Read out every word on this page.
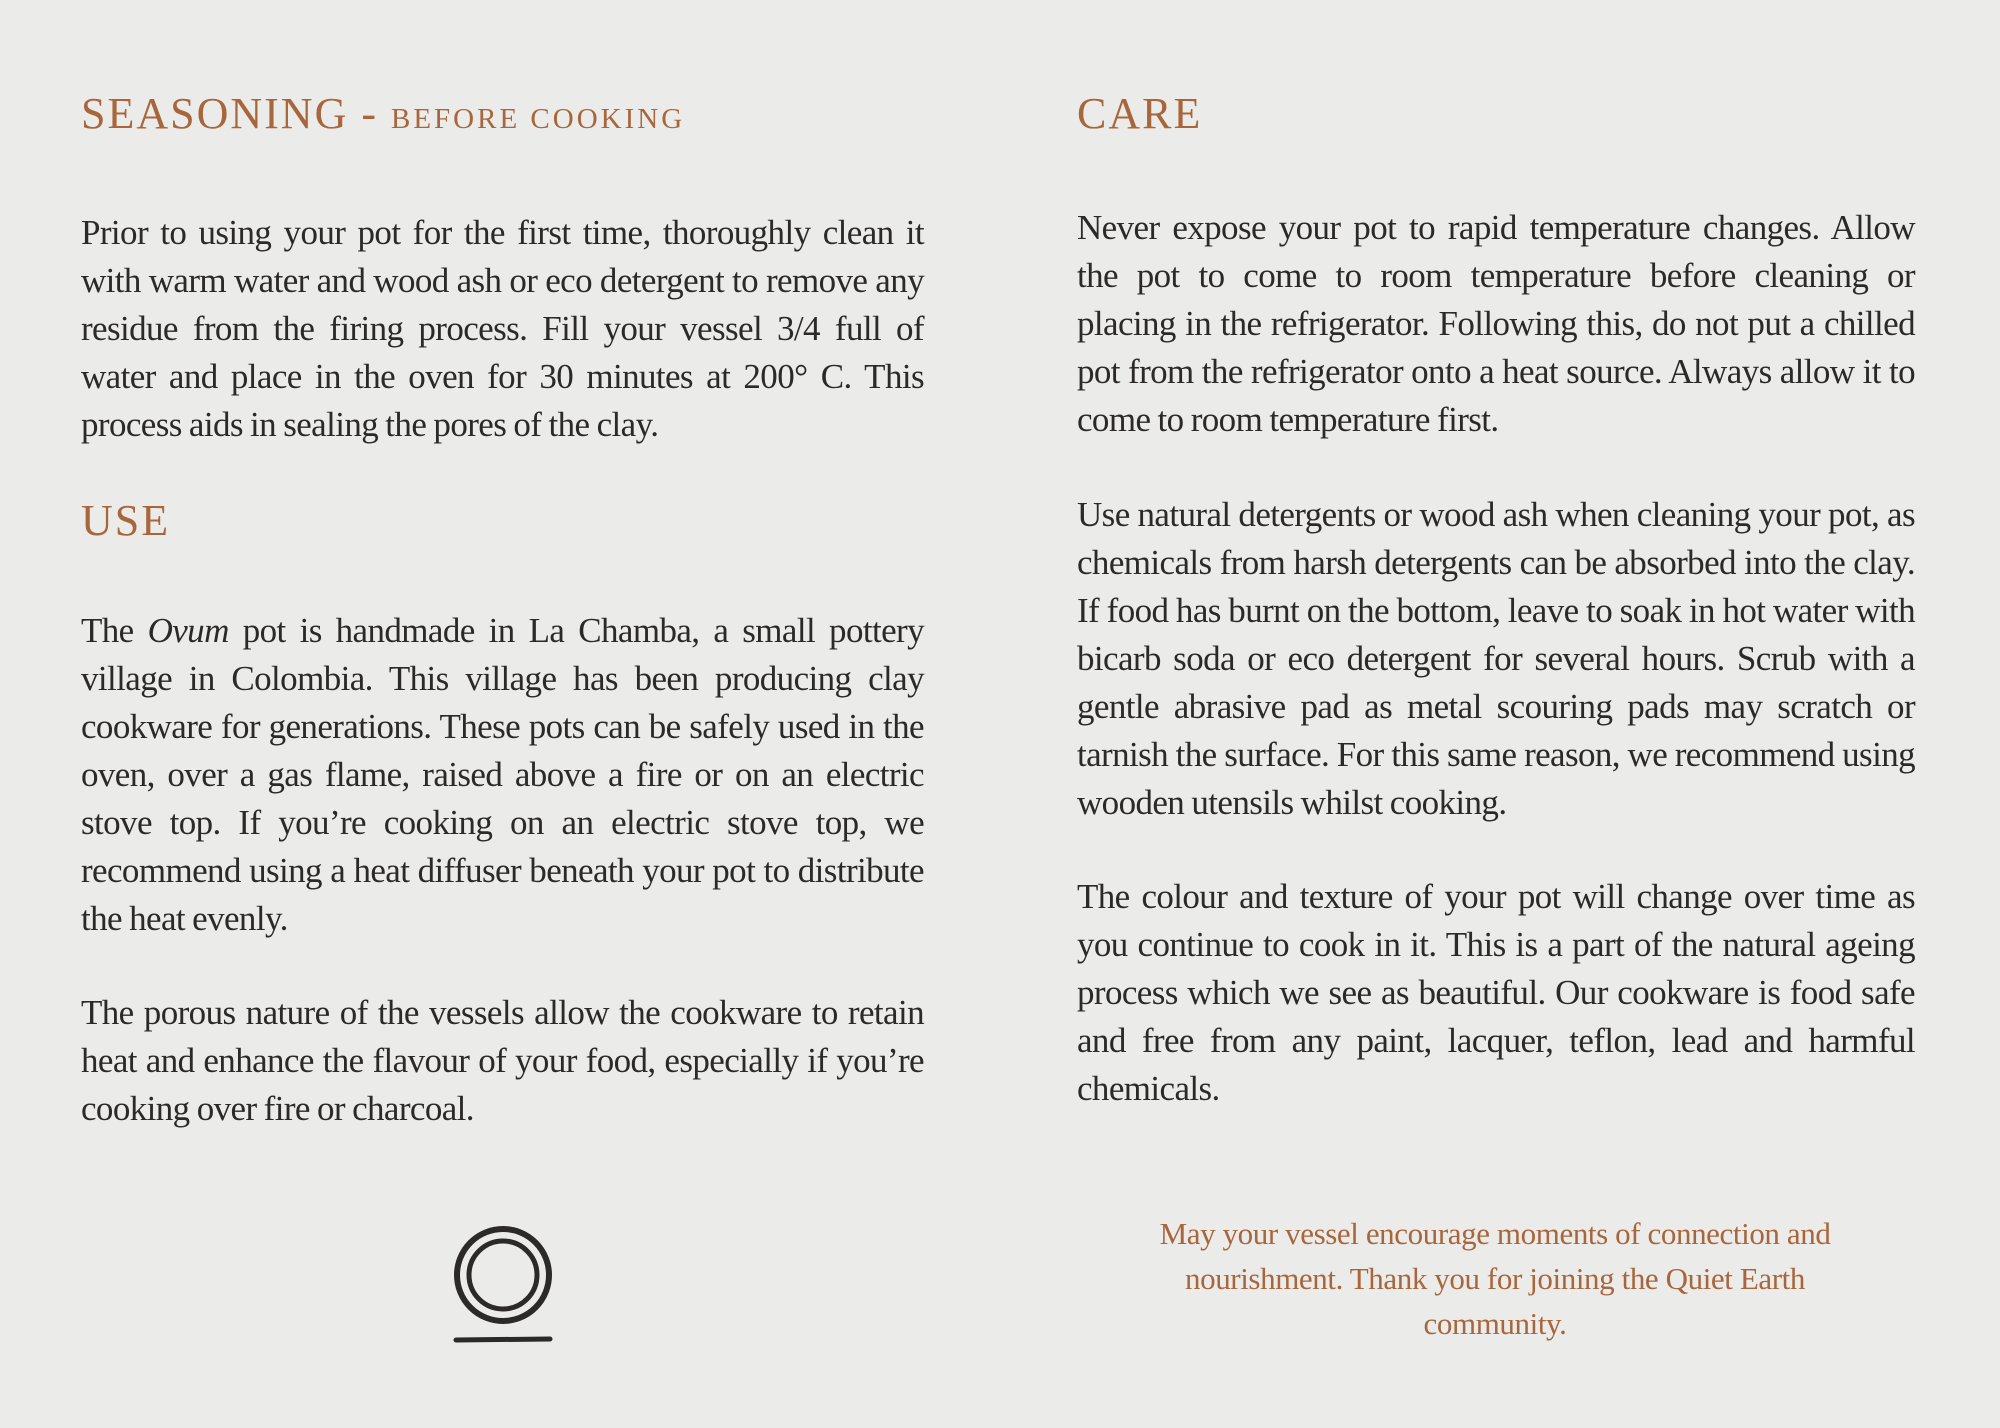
SEASONING - BEFORE COOKING

Prior to using your pot for the first time, thoroughly clean it with warm water and wood ash or eco detergent to remove any residue from the firing process. Fill your vessel 3/4 full of water and place in the oven for 30 minutes at 200° C. This process aids in sealing the pores of the clay.

USE

The Ovum pot is handmade in La Chamba, a small pottery village in Colombia. This village has been producing clay cookware for generations. These pots can be safely used in the oven, over a gas flame, raised above a fire or on an electric stove top. If you’re cooking on an electric stove top, we recommend using a heat diffuser beneath your pot to distribute the heat evenly.

The porous nature of the vessels allow the cookware to retain heat and enhance the flavour of your food, especially if you’re cooking over fire or charcoal.

CARE

Never expose your pot to rapid temperature changes. Allow the pot to come to room temperature before cleaning or placing in the refrigerator. Following this, do not put a chilled pot from the refrigerator onto a heat source. Always allow it to come to room temperature first.

Use natural detergents or wood ash when cleaning your pot, as chemicals from harsh detergents can be absorbed into the clay. If food has burnt on the bottom, leave to soak in hot water with bicarb soda or eco detergent for several hours. Scrub with a gentle abrasive pad as metal scouring pads may scratch or tarnish the surface. For this same reason, we recommend using wooden utensils whilst cooking.

The colour and texture of your pot will change over time as you continue to cook in it. This is a part of the natural ageing process which we see as beautiful. Our cookware is food safe and free from any paint, lacquer, teflon, lead and harmful chemicals.

May your vessel encourage moments of connection and nourishment. Thank you for joining the Quiet Earth community.
